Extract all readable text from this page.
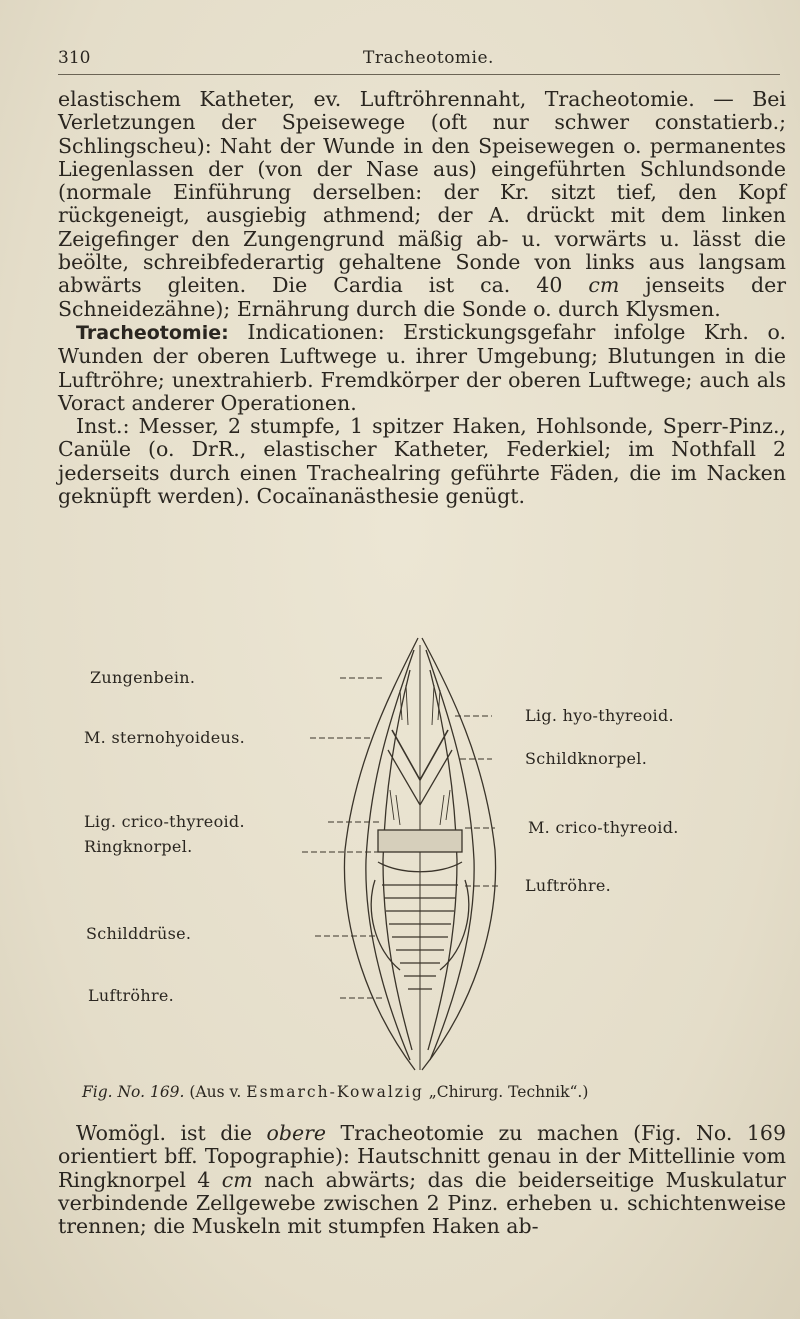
310	Tracheotomie.

elastischem Katheter, ev. Luftröhrennaht, Tracheotomie. — Bei Verletzungen der Speisewege (oft nur schwer constatierb.; Schlingscheu): Naht der Wunde in den Speisewegen o. permanentes Liegenlassen der (von der Nase aus) eingeführten Schlundsonde (normale Einführung derselben: der Kr. sitzt tief, den Kopf rückgeneigt, ausgiebig athmend; der A. drückt mit dem linken Zeigefinger den Zungengrund mäßig ab- u. vorwärts u. lässt die beölte, schreibfederartig gehaltene Sonde von links aus langsam abwärts gleiten. Die Cardia ist ca. 40 cm jenseits der Schneidezähne); Ernährung durch die Sonde o. durch Klysmen.

Tracheotomie: Indicationen: Erstickungsgefahr infolge Krh. o. Wunden der oberen Luftwege u. ihrer Umgebung; Blutungen in die Luftröhre; unextrahierb. Fremdkörper der oberen Luftwege; auch als Voract anderer Operationen.

Inst.: Messer, 2 stumpfe, 1 spitzer Haken, Hohlsonde, Sperr-Pinz., Canüle (o. DrR., elastischer Katheter, Federkiel; im Nothfall 2 jederseits durch einen Trachealring geführte Fäden, die im Nacken geknüpft werden). Cocaïnanästhesie genügt.

Zungenbein.
M. sternohyoideus.
Lig. crico-thyreoid.
Ringknorpel.
Schilddrüse.
Luftröhre.
Lig. hyo-thyreoid.
Schildknorpel.
M. crico-thyreoid.
Luftröhre.
Fig. No. 169. (Aus v. Esmarch-Kowalzig „Chirurg. Technik“.)

Womögl. ist die obere Tracheotomie zu machen (Fig. No. 169 orientiert bff. Topographie): Hautschnitt genau in der Mittellinie vom Ringknorpel 4 cm nach abwärts; das die beiderseitige Muskulatur verbindende Zellgewebe zwischen 2 Pinz. erheben u. schichtenweise trennen; die Muskeln mit stumpfen Haken ab-
